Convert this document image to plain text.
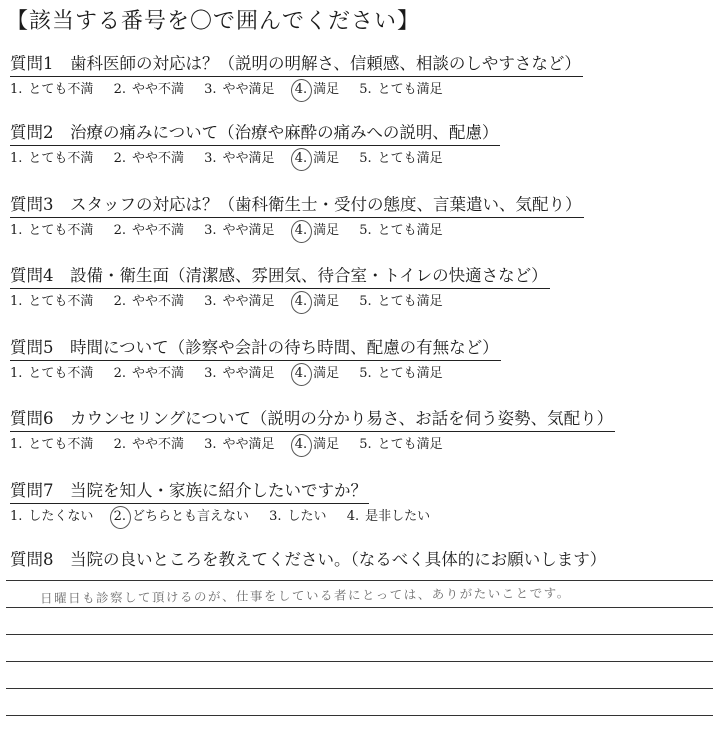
【該当する番号を〇で囲んでください】
質問1　歯科医師の対応は？（説明の明解さ、信頼感、相談のしやすさなど）
1. とても不満 2. やや不満 3. やや満足 4. 満足 5. とても満足
質問2　治療の痛みについて（治療や麻酔の痛みへの説明、配慮）
1. とても不満 2. やや不満 3. やや満足 4. 満足 5. とても満足
質問3　スタッフの対応は？（歯科衛生士・受付の態度、言葉遣い、気配り）
1. とても不満 2. やや不満 3. やや満足 4. 満足 5. とても満足
質問4　設備・衛生面（清潔感、雰囲気、待合室・トイレの快適さなど）
1. とても不満 2. やや不満 3. やや満足 4. 満足 5. とても満足
質問5　時間について（診察や会計の待ち時間、配慮の有無など）
1. とても不満 2. やや不満 3. やや満足 4. 満足 5. とても満足
質問6　カウンセリングについて（説明の分かり易さ、お話を伺う姿勢、気配り）
1. とても不満 2. やや不満 3. やや満足 4. 満足 5. とても満足
質問7　当院を知人・家族に紹介したいですか？
1. したくない 2. どちらとも言えない 3. したい 4. 是非したい
質問8　当院の良いところを教えてください。（なるべく具体的にお願いします）
日曜日も診察して頂けるのが、仕事をしている者にとっては、ありがたいことです。
